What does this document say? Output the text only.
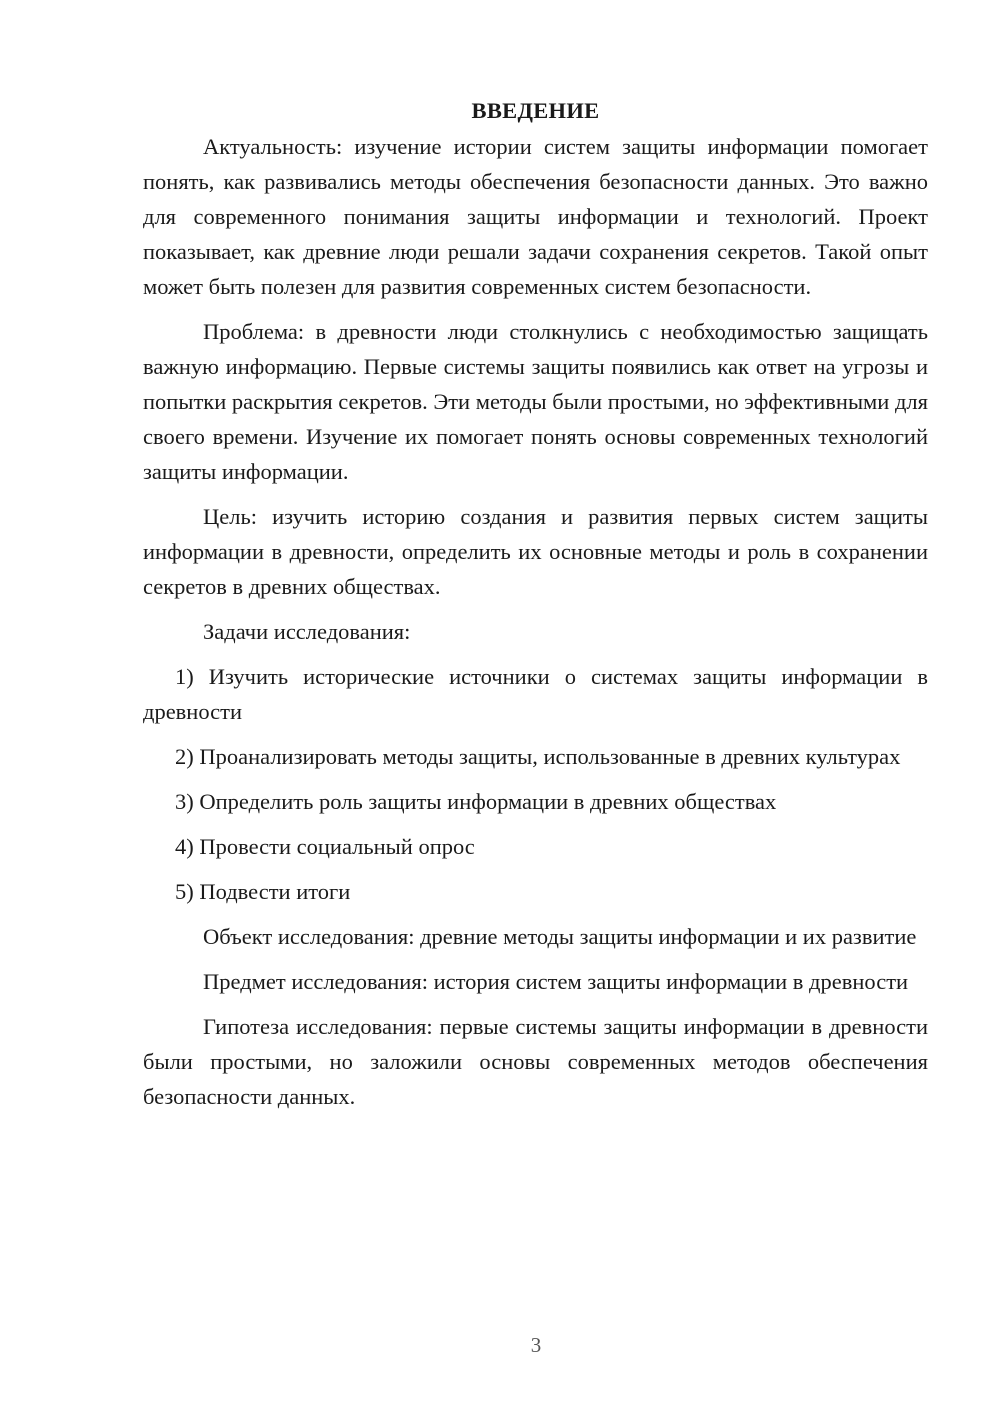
ВВЕДЕНИЕ

Актуальность: изучение истории систем защиты информации помогает понять, как развивались методы обеспечения безопасности данных. Это важно для современного понимания защиты информации и технологий. Проект показывает, как древние люди решали задачи сохранения секретов. Такой опыт может быть полезен для развития современных систем безопасности.

Проблема: в древности люди столкнулись с необходимостью защищать важную информацию. Первые системы защиты появились как ответ на угрозы и попытки раскрытия секретов. Эти методы были простыми, но эффективными для своего времени. Изучение их помогает понять основы современных технологий защиты информации.

Цель: изучить историю создания и развития первых систем защиты информации в древности, определить их основные методы и роль в сохранении секретов в древних обществах.

Задачи исследования:

1) Изучить исторические источники о системах защиты информации в древности

2) Проанализировать методы защиты, использованные в древних культурах

3) Определить роль защиты информации в древних обществах

4) Провести социальный опрос

5) Подвести итоги

Объект исследования: древние методы защиты информации и их развитие

Предмет исследования: история систем защиты информации в древности

Гипотеза исследования: первые системы защиты информации в древности были простыми, но заложили основы современных методов обеспечения безопасности данных.

3
